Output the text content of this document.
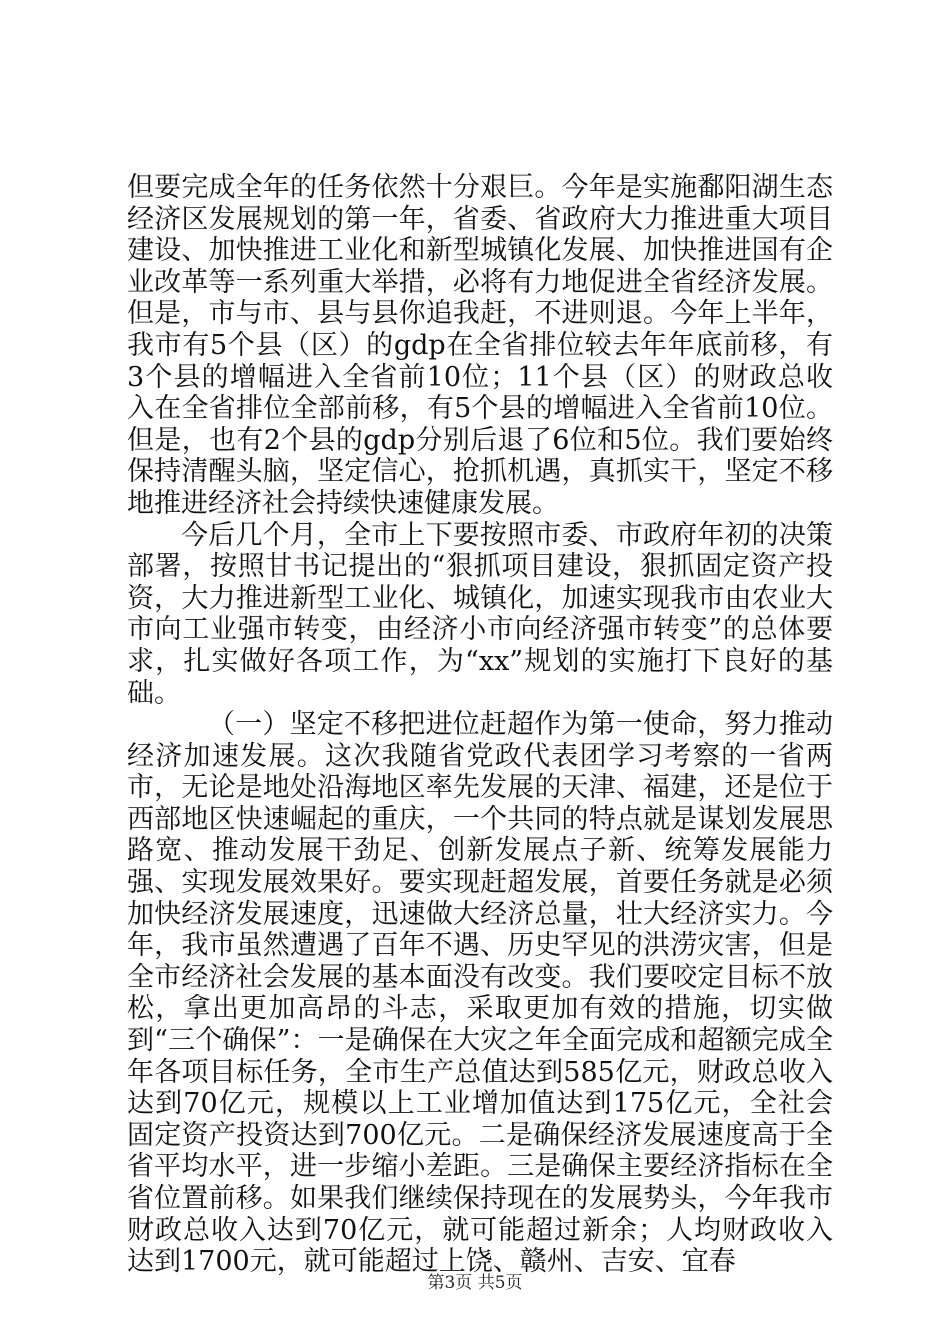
但要完成全年的任务依然十分艰巨。今年是实施鄱阳湖生态经济区发展规划的第一年，省委、省政府大力推进重大项目建设、加快推进工业化和新型城镇化发展、加快推进国有企业改革等一系列重大举措，必将有力地促进全省经济发展。但是，市与市、县与县你追我赶，不进则退。今年上半年，我市有5个县（区）的gdp在全省排位较去年年底前移，有3个县的增幅进入全省前10位；11个县（区）的财政总收入在全省排位全部前移，有5个县的增幅进入全省前10位。但是，也有2个县的gdp分别后退了6位和5位。我们要始终保持清醒头脑，坚定信心，抢抓机遇，真抓实干，坚定不移地推进经济社会持续快速健康发展。

今后几个月，全市上下要按照市委、市政府年初的决策部署，按照甘书记提出的“狠抓项目建设，狠抓固定资产投资，大力推进新型工业化、城镇化，加速实现我市由农业大市向工业强市转变，由经济小市向经济强市转变”的总体要求，扎实做好各项工作，为“xx”规划的实施打下良好的基础。

（一）坚定不移把进位赶超作为第一使命，努力推动经济加速发展。这次我随省党政代表团学习考察的一省两市，无论是地处沿海地区率先发展的天津、福建，还是位于西部地区快速崛起的重庆，一个共同的特点就是谋划发展思路宽、推动发展干劲足、创新发展点子新、统筹发展能力强、实现发展效果好。要实现赶超发展，首要任务就是必须加快经济发展速度，迅速做大经济总量，壮大经济实力。今年，我市虽然遭遇了百年不遇、历史罕见的洪涝灾害，但是全市经济社会发展的基本面没有改变。我们要咬定目标不放松，拿出更加高昂的斗志，采取更加有效的措施，切实做到“三个确保”：一是确保在大灾之年全面完成和超额完成全年各项目标任务，全市生产总值达到585亿元，财政总收入达到70亿元，规模以上工业增加值达到175亿元，全社会固定资产投资达到700亿元。二是确保经济发展速度高于全省平均水平，进一步缩小差距。三是确保主要经济指标在全省位置前移。如果我们继续保持现在的发展势头，今年我市财政总收入达到70亿元，就可能超过新余；人均财政收入达到1700元，就可能超过上饶、赣州、吉安、宜春

第3页 共5页
